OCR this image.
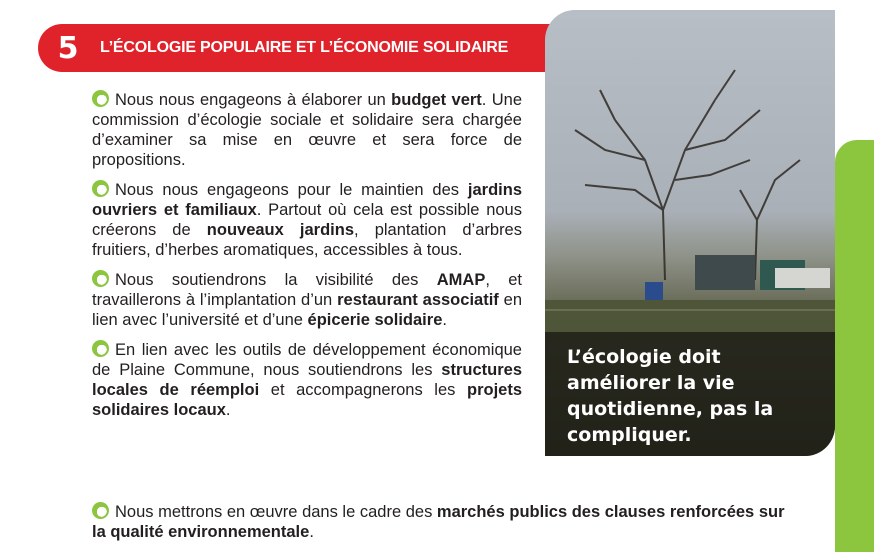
5	L’ÉCOLOGIE POPULAIRE ET L’ÉCONOMIE SOLIDAIRE
L’écologie doit améliorer la vie quotidienne, pas la compliquer.

Nous nous engageons à élaborer un budget vert. Une commission d’écologie sociale et solidaire sera chargée d’examiner sa mise en œuvre et sera force de propositions.

Nous nous engageons pour le maintien des jardins ouvriers et familiaux. Partout où cela est possible nous créerons de nouveaux jardins, plantation d’arbres fruitiers, d’herbes aromatiques, accessibles à tous.

Nous soutiendrons la visibilité des AMAP, et travaillerons à l’implantation d’un restaurant associatif en lien avec l’université et d’une épicerie solidaire.

En lien avec les outils de développement économique de Plaine Commune, nous soutiendrons les structures locales de réemploi et accompagnerons les projets solidaires locaux.

Nous mettrons en œuvre dans le cadre des marchés publics des clauses renforcées sur la qualité environnementale.
